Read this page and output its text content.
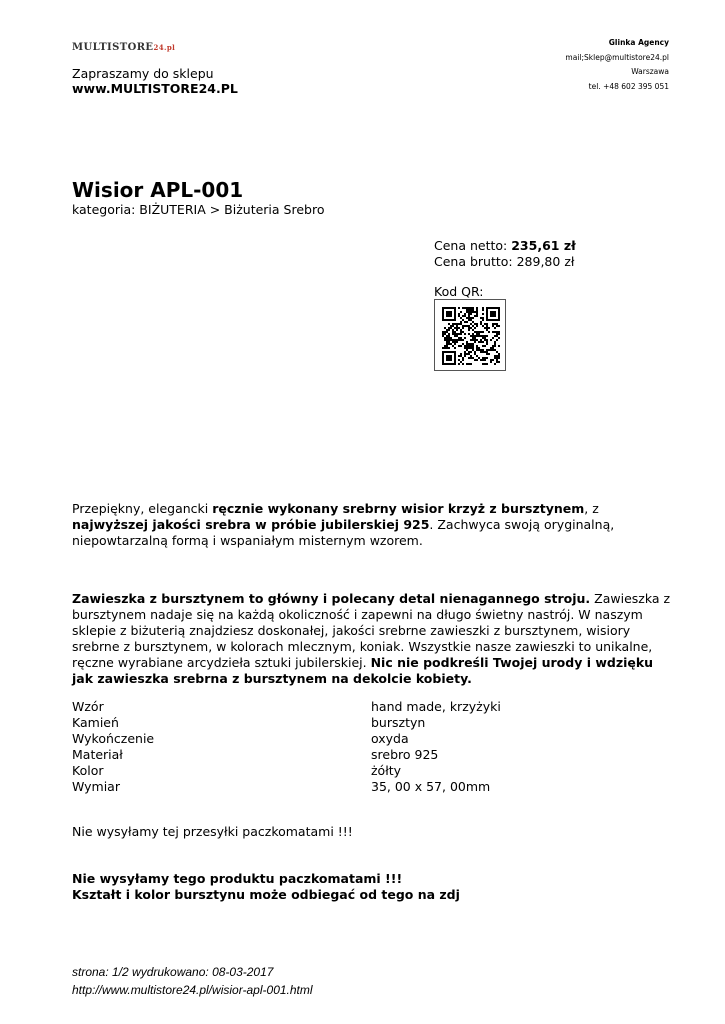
MULTISTORE24.pl
Zapraszamy do sklepu
www.MULTISTORE24.PL
Glinka Agency
mail;Sklep@multistore24.pl
Warszawa
tel. +48 602 395 051
Wisior APL-001
kategoria: BIŻUTERIA > Biżuteria Srebro
Cena netto: 235,61 zł
Cena brutto: 289,80 zł
Kod QR:
Przepiękny, elegancki ręcznie wykonany srebrny wisior krzyż z bursztynem, z najwyższej jakości srebra w próbie jubilerskiej 925. Zachwyca swoją oryginalną, niepowtarzalną formą i wspaniałym misternym wzorem.
Zawieszka z bursztynem to główny i polecany detal nienagannego stroju. Zawieszka z bursztynem nadaje się na każdą okoliczność i zapewni na długo świetny nastrój. W naszym sklepie z biżuterią znajdziesz doskonałej, jakości srebrne zawieszki z bursztynem, wisiory srebrne z bursztynem, w kolorach mlecznym, koniak. Wszystkie nasze zawieszki to unikalne, ręczne wyrabiane arcydzieła sztuki jubilerskiej. Nic nie podkreśli Twojej urody i wdzięku jak zawieszka srebrna z bursztynem na dekolcie kobiety.
Wzór	hand made, krzyżyki
Kamień	bursztyn
Wykończenie	oxyda
Materiał	srebro 925
Kolor	żółty
Wymiar	35, 00 x 57, 00mm
Nie wysyłamy tej przesyłki paczkomatami !!!
Nie wysyłamy tego produktu paczkomatami !!!
Kształt i kolor bursztynu może odbiegać od tego na zdj
strona: 1/2 wydrukowano: 08-03-2017
http://www.multistore24.pl/wisior-apl-001.html
